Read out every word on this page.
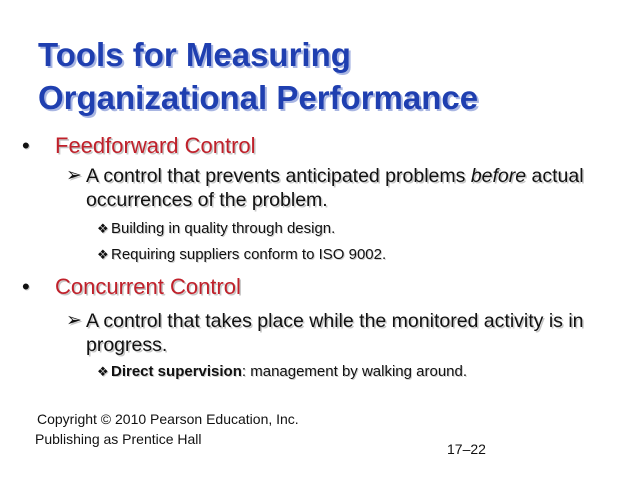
Tools for Measuring
Organizational Performance
• Feedforward Control
➢ A control that prevents anticipated problems before actual occurrences of the problem.
❖ Building in quality through design.
❖ Requiring suppliers conform to ISO 9002.
• Concurrent Control
➢ A control that takes place while the monitored activity is in progress.
❖ Direct supervision: management by walking around.
Copyright © 2010 Pearson Education, Inc.
Publishing as Prentice Hall
17–22
